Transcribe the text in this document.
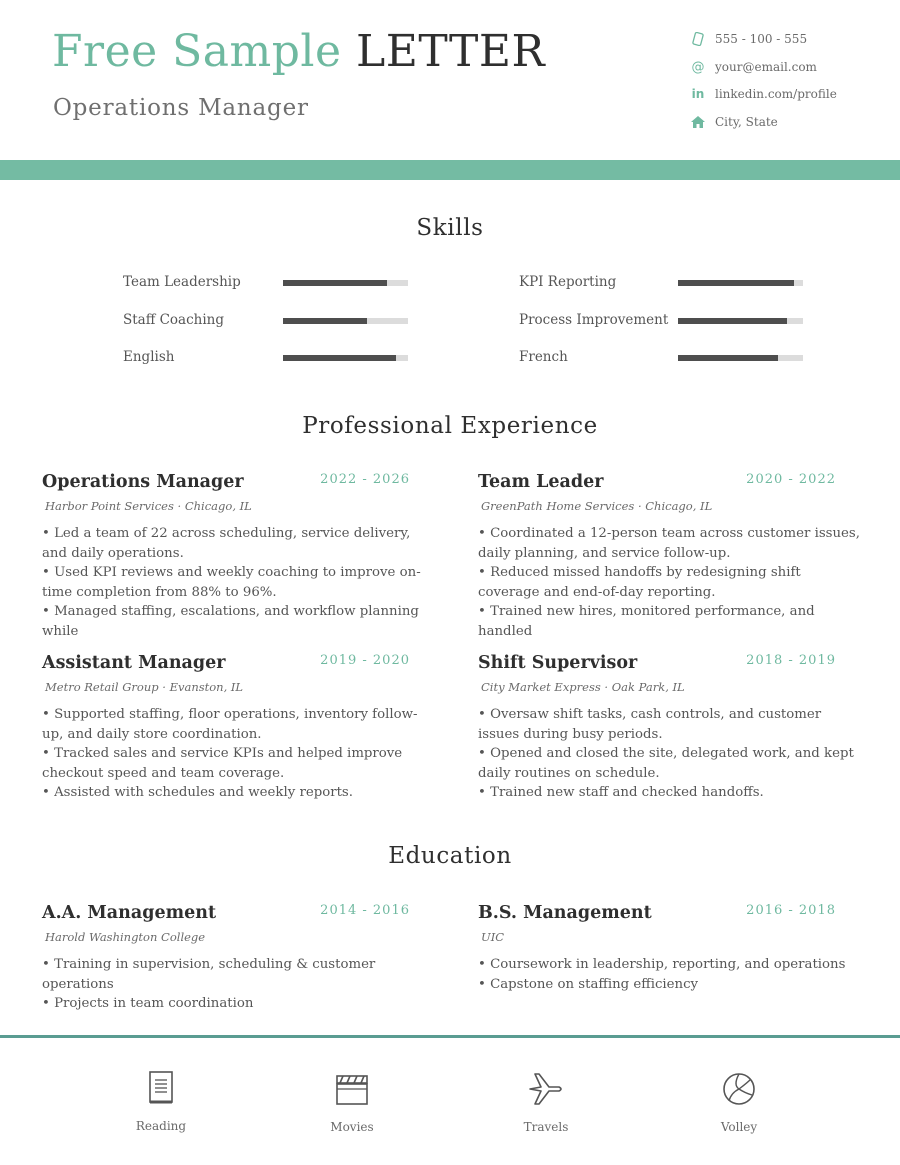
Free Sample LETTER
Operations Manager
555 - 100 - 555
@ your@email.com
in linkedin.com/profile
City, State
Skills
Team Leadership	KPI Reporting
Staff Coaching	Process Improvement
English	French
Professional Experience
Operations Manager	2022 - 2026
Harbor Point Services · Chicago, IL
• Led a team of 22 across scheduling, service delivery, and daily operations.
• Used KPI reviews and weekly coaching to improve on-time completion from 88% to 96%.
• Managed staffing, escalations, and workflow planning while
Team Leader	2020 - 2022
GreenPath Home Services · Chicago, IL
• Coordinated a 12-person team across customer issues, daily planning, and service follow-up.
• Reduced missed handoffs by redesigning shift coverage and end-of-day reporting.
• Trained new hires, monitored performance, and handled
Assistant Manager	2019 - 2020
Metro Retail Group · Evanston, IL
• Supported staffing, floor operations, inventory follow-up, and daily store coordination.
• Tracked sales and service KPIs and helped improve checkout speed and team coverage.
• Assisted with schedules and weekly reports.
Shift Supervisor	2018 - 2019
City Market Express · Oak Park, IL
• Oversaw shift tasks, cash controls, and customer issues during busy periods.
• Opened and closed the site, delegated work, and kept daily routines on schedule.
• Trained new staff and checked handoffs.
Education
A.A. Management	2014 - 2016
Harold Washington College
• Training in supervision, scheduling & customer operations
• Projects in team coordination
B.S. Management	2016 - 2018
UIC
• Coursework in leadership, reporting, and operations
• Capstone on staffing efficiency
Reading	Movies	Travels	Volley
